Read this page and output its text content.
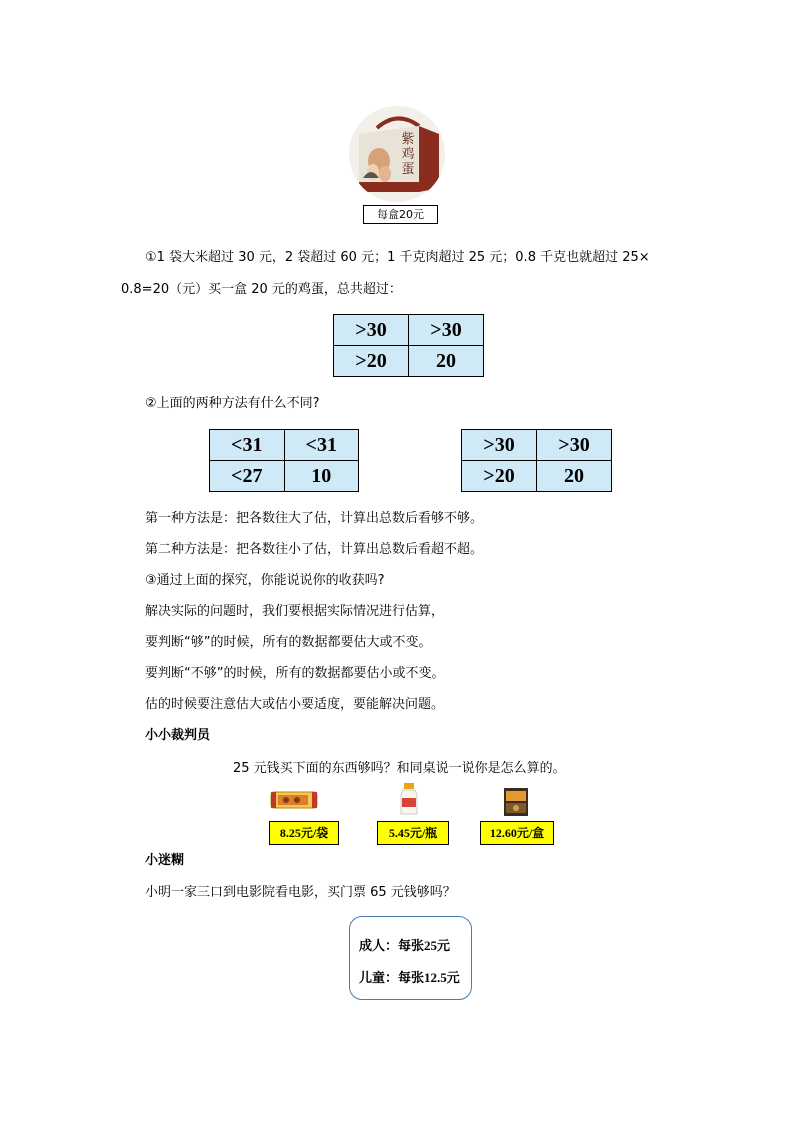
紫鸡蛋
每盒20元
①1 袋大米超过 30 元，2 袋超过 60 元；1 千克肉超过 25 元；0.8 千克也就超过 25×
0.8=20（元）买一盒 20 元的鸡蛋，总共超过：
>30	>30
>20	20
②上面的两种方法有什么不同?
<31	<31
<27	10
>30	>30
>20	20
第一种方法是：把各数往大了估，计算出总数后看够不够。
第二种方法是：把各数往小了估，计算出总数后看超不超。
③通过上面的探究，你能说说你的收获吗?
解决实际的问题时，我们要根据实际情况进行估算，
要判断“够”的时候，所有的数据都要估大或不变。
要判断“不够”的时候，所有的数据都要估小或不变。
估的时候要注意估大或估小要适度，要能解决问题。
小小裁判员
25 元钱买下面的东西够吗？和同桌说一说你是怎么算的。
8.25元/袋	5.45元/瓶	12.60元/盒
小迷糊
小明一家三口到电影院看电影，买门票 65 元钱够吗？
成人：每张25元
儿童：每张12.5元
